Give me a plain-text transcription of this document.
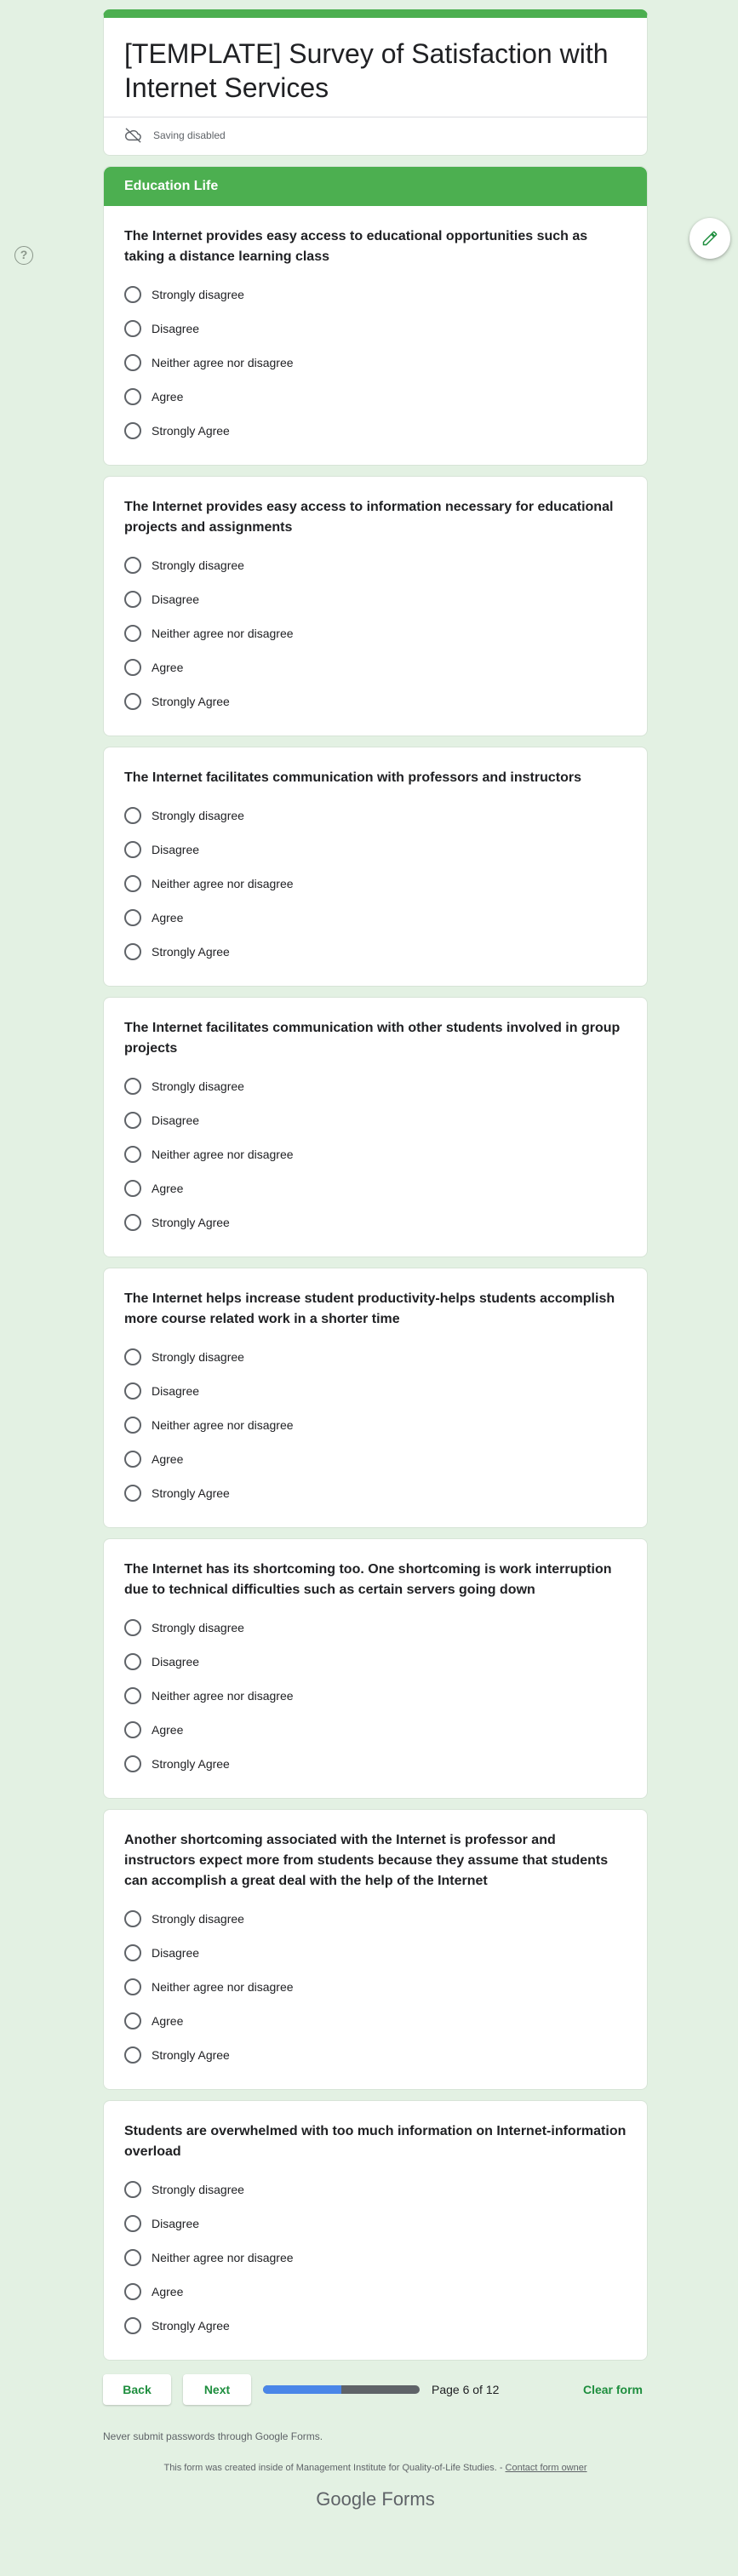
?
[TEMPLATE] Survey of Satisfaction with Internet Services
Saving disabled
Education Life
The Internet provides easy access to educational opportunities such as taking a distance learning class
Strongly disagree
Disagree
Neither agree nor disagree
Agree
Strongly Agree
The Internet provides easy access to information necessary for educational projects and assignments
Strongly disagree
Disagree
Neither agree nor disagree
Agree
Strongly Agree
The Internet facilitates communication with professors and instructors
Strongly disagree
Disagree
Neither agree nor disagree
Agree
Strongly Agree
The Internet facilitates communication with other students involved in group projects
Strongly disagree
Disagree
Neither agree nor disagree
Agree
Strongly Agree
The Internet helps increase student productivity-helps students accomplish more course related work in a shorter time
Strongly disagree
Disagree
Neither agree nor disagree
Agree
Strongly Agree
The Internet has its shortcoming too. One shortcoming is work interruption due to technical difficulties such as certain servers going down
Strongly disagree
Disagree
Neither agree nor disagree
Agree
Strongly Agree
Another shortcoming associated with the Internet is professor and instructors expect more from students because they assume that students can accomplish a great deal with the help of the Internet
Strongly disagree
Disagree
Neither agree nor disagree
Agree
Strongly Agree
Students are overwhelmed with too much information on Internet-information overload
Strongly disagree
Disagree
Neither agree nor disagree
Agree
Strongly Agree
Back	Next	Page 6 of 12	Clear form
Never submit passwords through Google Forms.
This form was created inside of Management Institute for Quality-of-Life Studies. - Contact form owner
Google Forms
